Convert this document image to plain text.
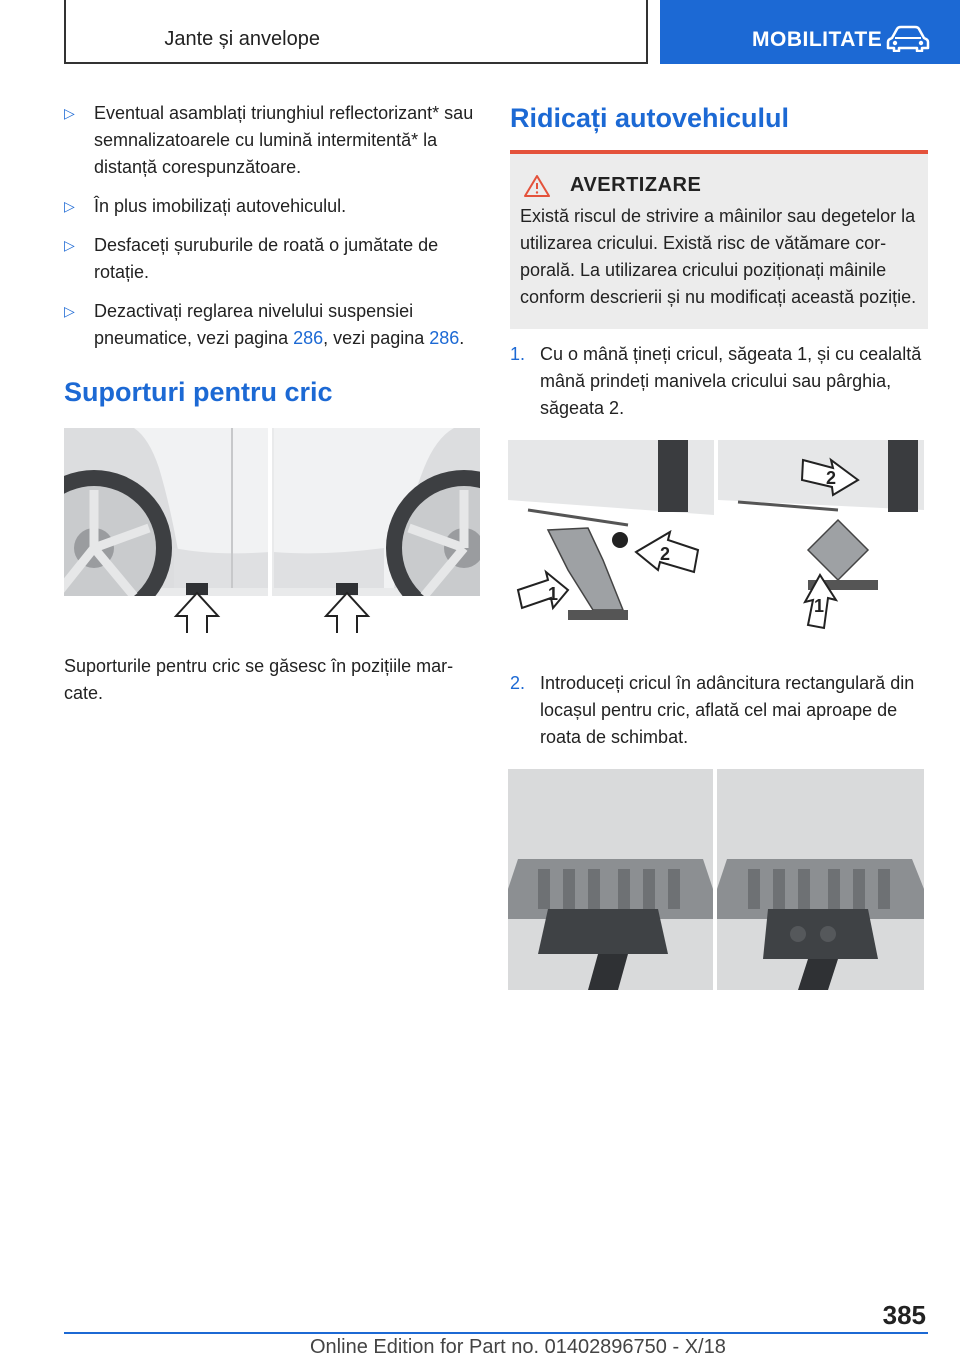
Jante și anvelope	MOBILITATE
▷ Eventual asamblați triunghiul reflectorizant* sau semnalizatoarele cu lumină intermitentă* la distanță corespunzătoare.
▷ În plus imobilizați autovehiculul.
▷ Desfaceți șuruburile de roată o jumătate de rotație.
▷ Dezactivați reglarea nivelului suspensiei pneumatice, vezi pagina 286, vezi pagina 286.
Suporturi pentru cric

Suporturile pentru cric se găsesc în pozițiile marcate.

Ridicați autovehiculul
AVERTIZARE
Există riscul de strivire a mâinilor sau degetelor la utilizarea cricului. Există risc de vătămare corporală. La utilizarea cricului poziționați mâinile conform descrierii și nu modificați această poziție.
1. Cu o mână țineți cricul, săgeata 1, și cu cealaltă mână prindeți manivela cricului sau pârghia, săgeata 2.
1
2
2
1
2. Introduceți cricul în adâncitura rectangulară din locașul pentru cric, aflată cel mai aproape de roata de schimbat.
385
Online Edition for Part no. 01402896750 - X/18
